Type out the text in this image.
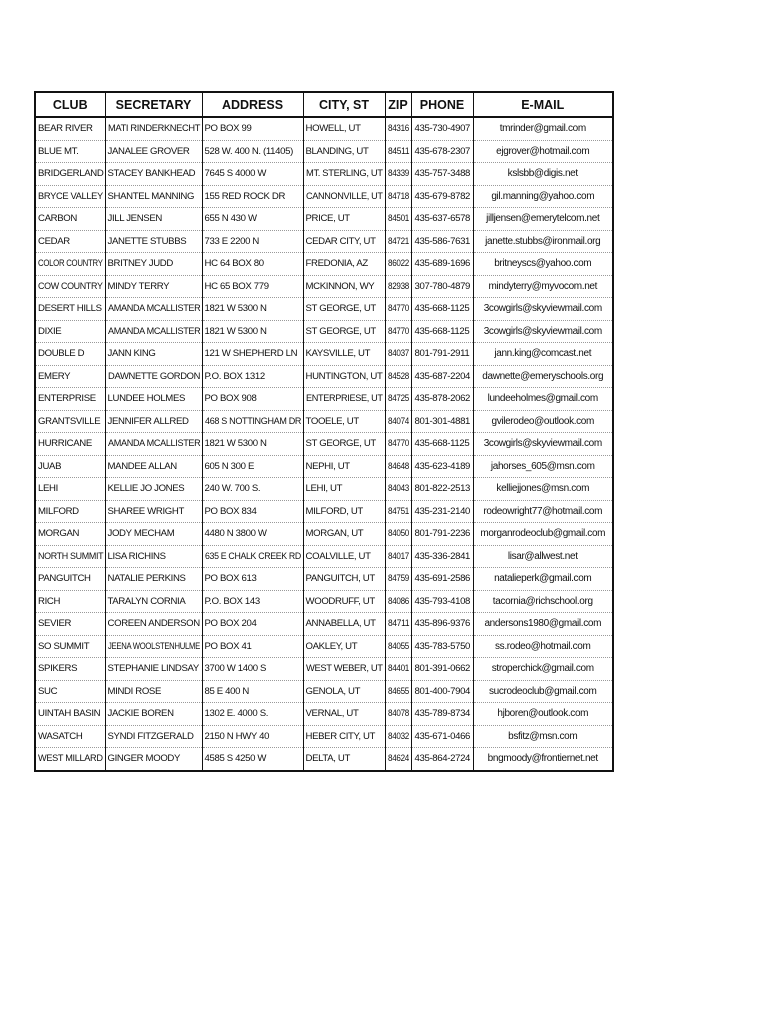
CLUB	SECRETARY	ADDRESS	CITY, ST	ZIP	PHONE	E-MAIL
BEAR RIVER	MATI RINDERKNECHT	PO BOX 99	HOWELL, UT	84316	435-730-4907	tmrinder@gmail.com
BLUE MT.	JANALEE GROVER	528 W. 400 N. (11405)	BLANDING, UT	84511	435-678-2307	ejgrover@hotmail.com
BRIDGERLAND	STACEY BANKHEAD	7645 S 4000 W	MT. STERLING, UT	84339	435-757-3488	kslsbb@digis.net
BRYCE VALLEY	SHANTEL MANNING	155 RED ROCK DR	CANNONVILLE, UT	84718	435-679-8782	gil.manning@yahoo.com
CARBON	JILL JENSEN	655 N 430 W	PRICE, UT	84501	435-637-6578	jilljensen@emerytelcom.net
CEDAR	JANETTE STUBBS	733 E 2200 N	CEDAR CITY, UT	84721	435-586-7631	janette.stubbs@ironmail.org
COLOR COUNTRY	BRITNEY JUDD	HC 64 BOX 80	FREDONIA, AZ	86022	435-689-1696	britneyscs@yahoo.com
COW COUNTRY	MINDY TERRY	HC 65 BOX 779	MCKINNON, WY	82938	307-780-4879	mindyterry@myvocom.net
DESERT HILLS	AMANDA MCALLISTER	1821 W 5300 N	ST GEORGE, UT	84770	435-668-1125	3cowgirls@skyviewmail.com
DIXIE	AMANDA MCALLISTER	1821 W 5300 N	ST GEORGE, UT	84770	435-668-1125	3cowgirls@skyviewmail.com
DOUBLE D	JANN KING	121 W SHEPHERD LN	KAYSVILLE, UT	84037	801-791-2911	jann.king@comcast.net
EMERY	DAWNETTE GORDON	P.O. BOX 1312	HUNTINGTON, UT	84528	435-687-2204	dawnette@emeryschools.org
ENTERPRISE	LUNDEE HOLMES	PO BOX 908	ENTERPRIESE, UT	84725	435-878-2062	lundeeholmes@gmail.com
GRANTSVILLE	JENNIFER ALLRED	468 S NOTTINGHAM DR	TOOELE, UT	84074	801-301-4881	gvilerodeo@outlook.com
HURRICANE	AMANDA MCALLISTER	1821 W 5300 N	ST GEORGE, UT	84770	435-668-1125	3cowgirls@skyviewmail.com
JUAB	MANDEE ALLAN	605 N 300 E	NEPHI, UT	84648	435-623-4189	jahorses_605@msn.com
LEHI	KELLIE JO JONES	240 W. 700 S.	LEHI, UT	84043	801-822-2513	kelliejjones@msn.com
MILFORD	SHAREE WRIGHT	PO BOX 834	MILFORD, UT	84751	435-231-2140	rodeowright77@hotmail.com
MORGAN	JODY MECHAM	4480 N 3800 W	MORGAN, UT	84050	801-791-2236	morganrodeoclub@gmail.com
NORTH SUMMIT	LISA RICHINS	635 E CHALK CREEK RD	COALVILLE, UT	84017	435-336-2841	lisar@allwest.net
PANGUITCH	NATALIE PERKINS	PO BOX 613	PANGUITCH, UT	84759	435-691-2586	natalieperk@gmail.com
RICH	TARALYN CORNIA	P.O. BOX 143	WOODRUFF, UT	84086	435-793-4108	tacornia@richschool.org
SEVIER	COREEN ANDERSON	PO BOX 204	ANNABELLA, UT	84711	435-896-9376	andersons1980@gmail.com
SO SUMMIT	JEENA WOOLSTENHULME	PO BOX 41	OAKLEY, UT	84055	435-783-5750	ss.rodeo@hotmail.com
SPIKERS	STEPHANIE LINDSAY	3700 W 1400 S	WEST WEBER, UT	84401	801-391-0662	stroperchick@gmail.com
SUC	MINDI ROSE	85 E 400 N	GENOLA, UT	84655	801-400-7904	sucrodeoclub@gmail.com
UINTAH BASIN	JACKIE BOREN	1302 E. 4000 S.	VERNAL, UT	84078	435-789-8734	hjboren@outlook.com
WASATCH	SYNDI FITZGERALD	2150 N HWY 40	HEBER CITY, UT	84032	435-671-0466	bsfitz@msn.com
WEST MILLARD	GINGER MOODY	4585 S 4250 W	DELTA, UT	84624	435-864-2724	bngmoody@frontiernet.net
